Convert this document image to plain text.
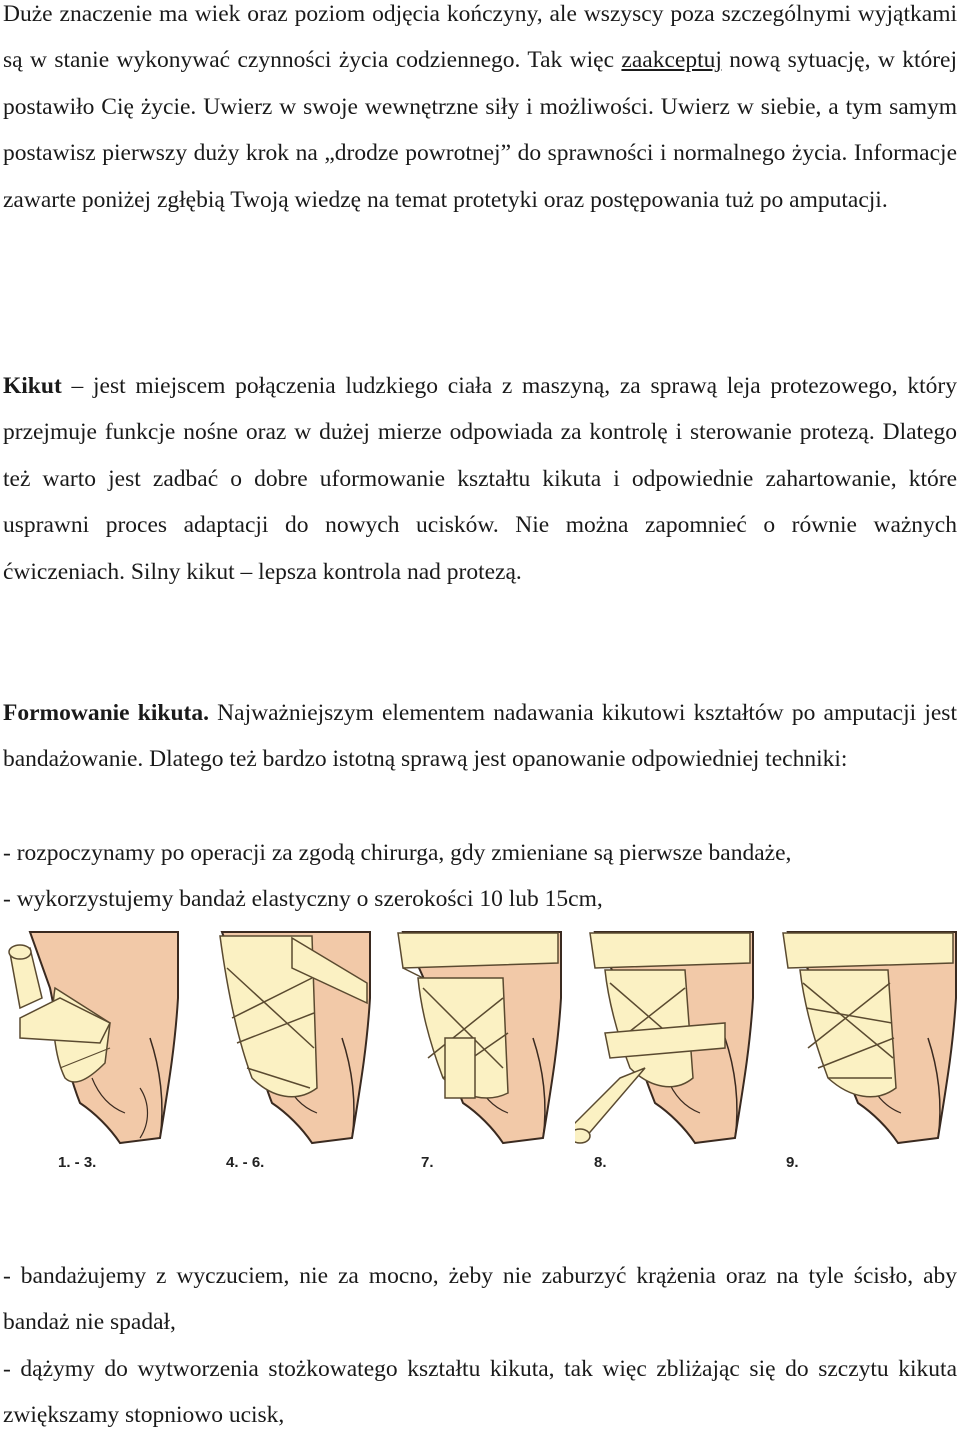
Duże znaczenie ma wiek oraz poziom odjęcia kończyny, ale wszyscy poza szczególnymi wyjątkami są w stanie wykonywać czynności życia codziennego. Tak więc zaakceptuj nową sytuację, w której postawiło Cię życie. Uwierz w swoje wewnętrzne siły i możliwości. Uwierz w siebie, a tym samym postawisz pierwszy duży krok na „drodze powrotnej” do sprawności i normalnego życia. Informacje zawarte poniżej zgłębią Twoją wiedzę na temat protetyki oraz postępowania tuż po amputacji.
Kikut – jest miejscem połączenia ludzkiego ciała z maszyną, za sprawą leja protezowego, który przejmuje funkcje nośne oraz w dużej mierze odpowiada za kontrolę i sterowanie protezą. Dlatego też warto jest zadbać o dobre uformowanie kształtu kikuta i odpowiednie zahartowanie, które usprawni proces adaptacji do nowych ucisków. Nie można zapomnieć o równie ważnych ćwiczeniach. Silny kikut – lepsza kontrola nad protezą.
Formowanie kikuta. Najważniejszym elementem nadawania kikutowi kształtów po amputacji jest bandażowanie. Dlatego też bardzo istotną sprawą jest opanowanie odpowiedniej techniki:
- rozpoczynamy po operacji za zgodą chirurga, gdy zmieniane są pierwsze bandaże,
- wykorzystujemy bandaż elastyczny o szerokości 10 lub 15cm,
- bandażujemy z wyczuciem, nie za mocno, żeby nie zaburzyć krążenia oraz na tyle ścisło, aby bandaż nie spadał,
- dążymy do wytworzenia stożkowatego kształtu kikuta, tak więc zbliżając się do szczytu kikuta zwiększamy stopniowo ucisk,
1. - 3.	4. - 6.	7.	8.	9.
